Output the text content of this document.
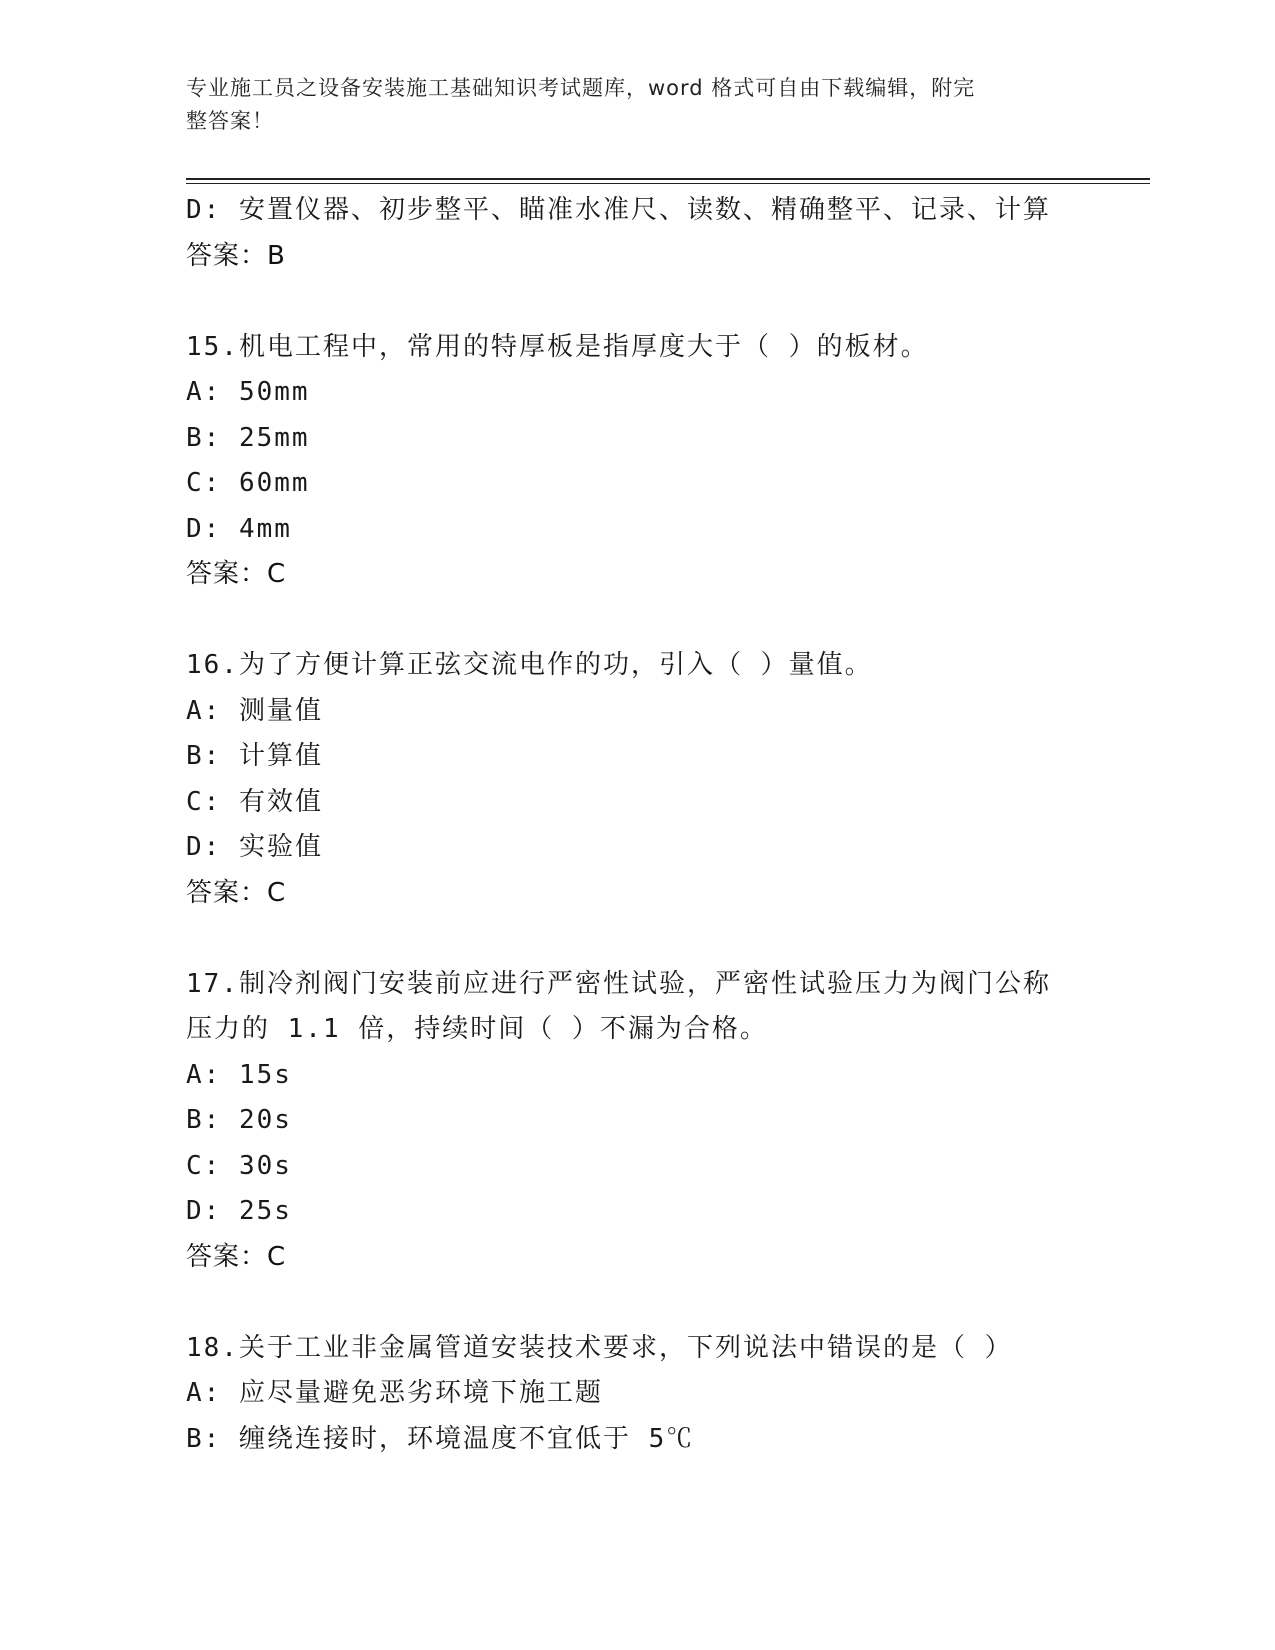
专业施工员之设备安装施工基础知识考试题库，word 格式可自由下载编辑，附完
整答案！
D: 安置仪器、初步整平、瞄准水准尺、读数、精确整平、记录、计算
答案：B
15.机电工程中，常用的特厚板是指厚度大于（ ）的板材。
A: 50mm
B: 25mm
C: 60mm
D: 4mm
答案：C
16.为了方便计算正弦交流电作的功，引入（ ）量值。
A: 测量值
B: 计算值
C: 有效值
D: 实验值
答案：C
17.制冷剂阀门安装前应进行严密性试验，严密性试验压力为阀门公称
压力的 1.1 倍，持续时间（ ）不漏为合格。
A: 15s
B: 20s
C: 30s
D: 25s
答案：C
18.关于工业非金属管道安装技术要求，下列说法中错误的是（ ）
A: 应尽量避免恶劣环境下施工题
B: 缠绕连接时，环境温度不宜低于 5℃
